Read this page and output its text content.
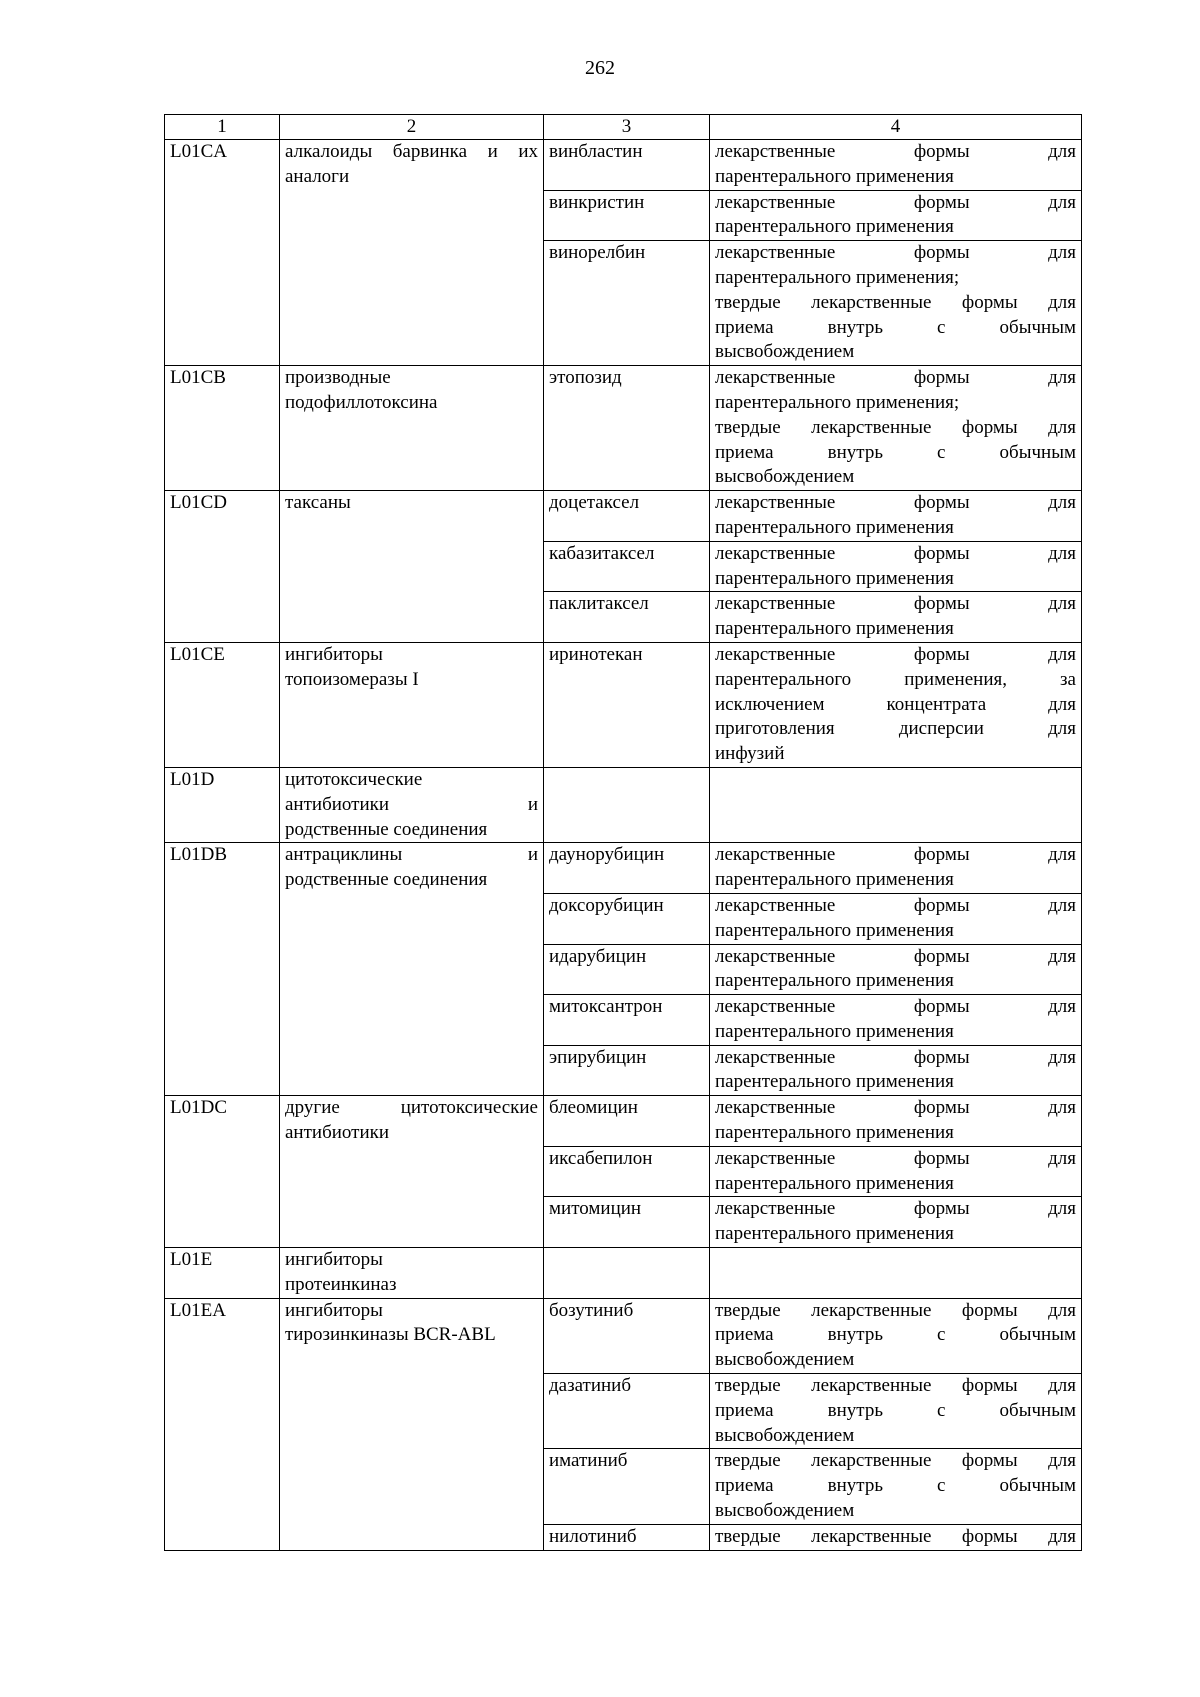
262
1	2	3	4
L01CA	алкалоиды барвинка и их
аналоги	винбластин	лекарственные формы для
парентерального применения

		винкристин	лекарственные формы для
парентерального применения

		винорелбин	лекарственные формы для
парентерального применения;
твердые лекарственные формы для
приема внутрь с обычным
высвобождением

L01CB	производные
подофиллотоксина	этопозид	лекарственные формы для
парентерального применения;
твердые лекарственные формы для
приема внутрь с обычным
высвобождением

L01CD	таксаны	доцетаксел	лекарственные формы для
парентерального применения

		кабазитаксел	лекарственные формы для
парентерального применения

		паклитаксел	лекарственные формы для
парентерального применения

L01CE	ингибиторы
топоизомеразы I	иринотекан	лекарственные формы для
парентерального применения, за
исключением концентрата для
приготовления дисперсии для
инфузий

L01D	цитотоксические
антибиотики и
родственные соединения		

L01DB	антрациклины и
родственные соединения	даунорубицин	лекарственные формы для
парентерального применения

		доксорубицин	лекарственные формы для
парентерального применения

		идарубицин	лекарственные формы для
парентерального применения

		митоксантрон	лекарственные формы для
парентерального применения

		эпирубицин	лекарственные формы для
парентерального применения

L01DC	другие цитотоксические
антибиотики	блеомицин	лекарственные формы для
парентерального применения

		иксабепилон	лекарственные формы для
парентерального применения

		митомицин	лекарственные формы для
парентерального применения

L01E	ингибиторы
протеинкиназ		

L01EA	ингибиторы
тирозинкиназы BCR-ABL	бозутиниб	твердые лекарственные формы для
приема внутрь с обычным
высвобождением

		дазатиниб	твердые лекарственные формы для
приема внутрь с обычным
высвобождением

		иматиниб	твердые лекарственные формы для
приема внутрь с обычным
высвобождением

		нилотиниб	твердые лекарственные формы для
